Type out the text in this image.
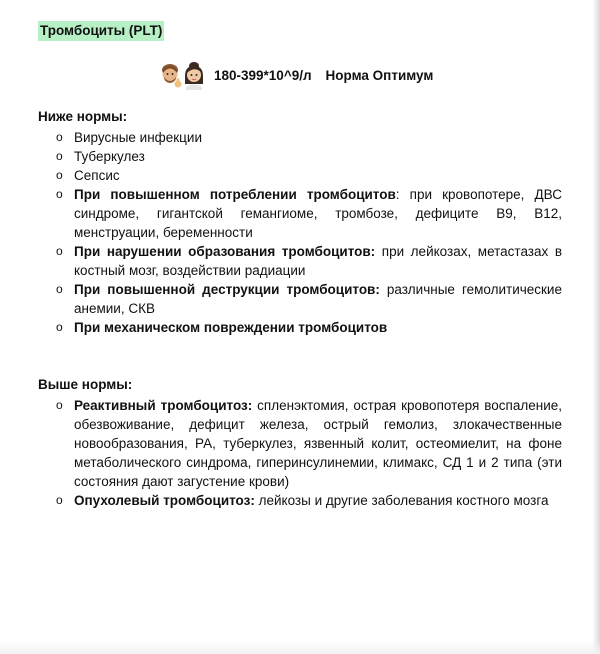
Тромбоциты (PLT)
180-399*10^9/л Норма Оптимум
Ниже нормы:
o Вирусные инфекции
o Туберкулез
o Сепсис
o При повышенном потреблении тромбоцитов: при кровопотере, ДВС синдроме, гигантской гемангиоме, тромбозе, дефиците В9, В12, менструации, беременности
o При нарушении образования тромбоцитов: при лейкозах, метастазах в костный мозг, воздействии радиации
o При повышенной деструкции тромбоцитов: различные гемолитические анемии, СКВ
o При механическом повреждении тромбоцитов
Выше нормы:
o Реактивный тромбоцитоз: спленэктомия, острая кровопотеря воспаление, обезвоживание, дефицит железа, острый гемолиз, злокачественные новообразования, РА, туберкулез, язвенный колит, остеомиелит, на фоне метаболического синдрома, гиперинсулинемии, климакс, СД 1 и 2 типа (эти состояния дают загустение крови)
o Опухолевый тромбоцитоз: лейкозы и другие заболевания костного мозга
